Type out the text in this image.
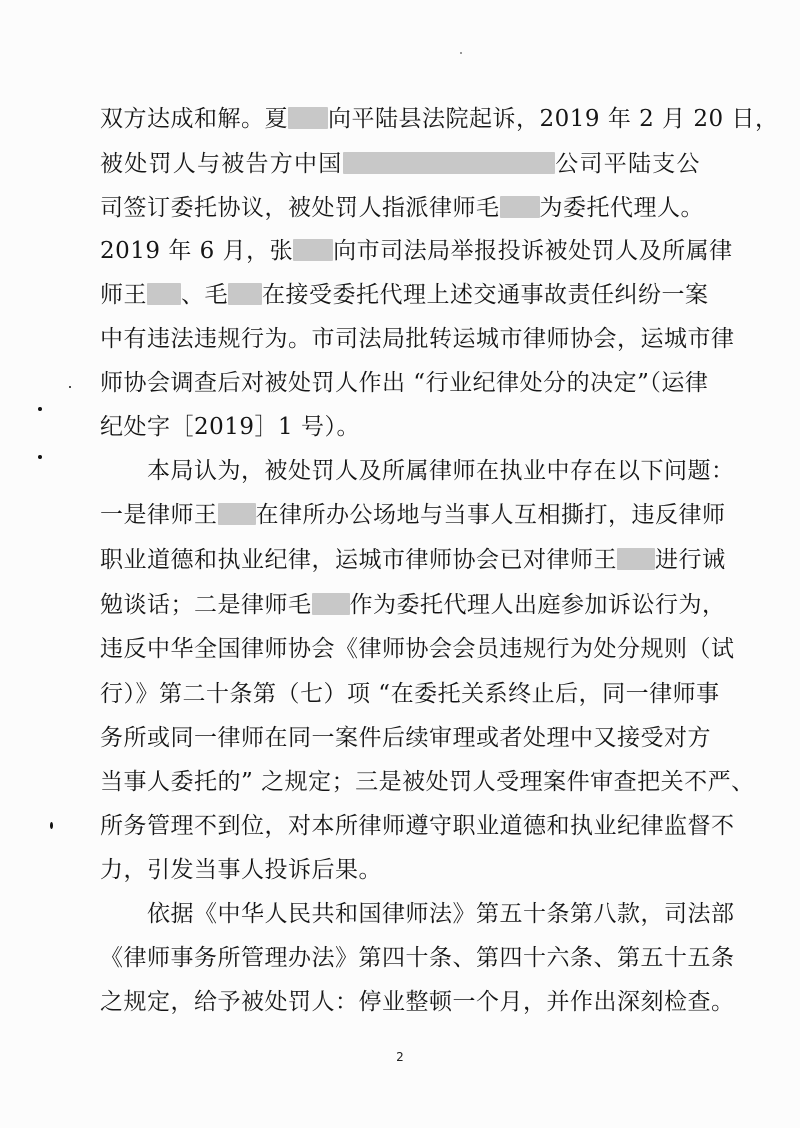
双方达成和解。夏 向平陆县法院起诉，2019 年 2 月 20 日，
被处罚人与被告方中国	公司平陆支公
司签订委托协议，被处罚人指派律师毛 为委托代理人。
2019 年 6 月，张 向市司法局举报投诉被处罚人及所属律
师王 、毛 在接受委托代理上述交通事故责任纠纷一案
中有违法违规行为。市司法局批转运城市律师协会，运城市律
师协会调查后对被处罚人作出 “行业纪律处分的决定”（运律
纪处字［2019］1 号）。
　　本局认为，被处罚人及所属律师在执业中存在以下问题：
一是律师王 在律所办公场地与当事人互相撕打，违反律师
职业道德和执业纪律，运城市律师协会已对律师王 进行诫
勉谈话；二是律师毛 作为委托代理人出庭参加诉讼行为，
违反中华全国律师协会《律师协会会员违规行为处分规则（试
行）》第二十条第（七）项 “在委托关系终止后，同一律师事
务所或同一律师在同一案件后续审理或者处理中又接受对方
当事人委托的” 之规定；三是被处罚人受理案件审查把关不严、
所务管理不到位，对本所律师遵守职业道德和执业纪律监督不
力，引发当事人投诉后果。
　　依据《中华人民共和国律师法》第五十条第八款，司法部
《律师事务所管理办法》第四十条、第四十六条、第五十五条
之规定，给予被处罚人：停业整顿一个月，并作出深刻检查。
2
